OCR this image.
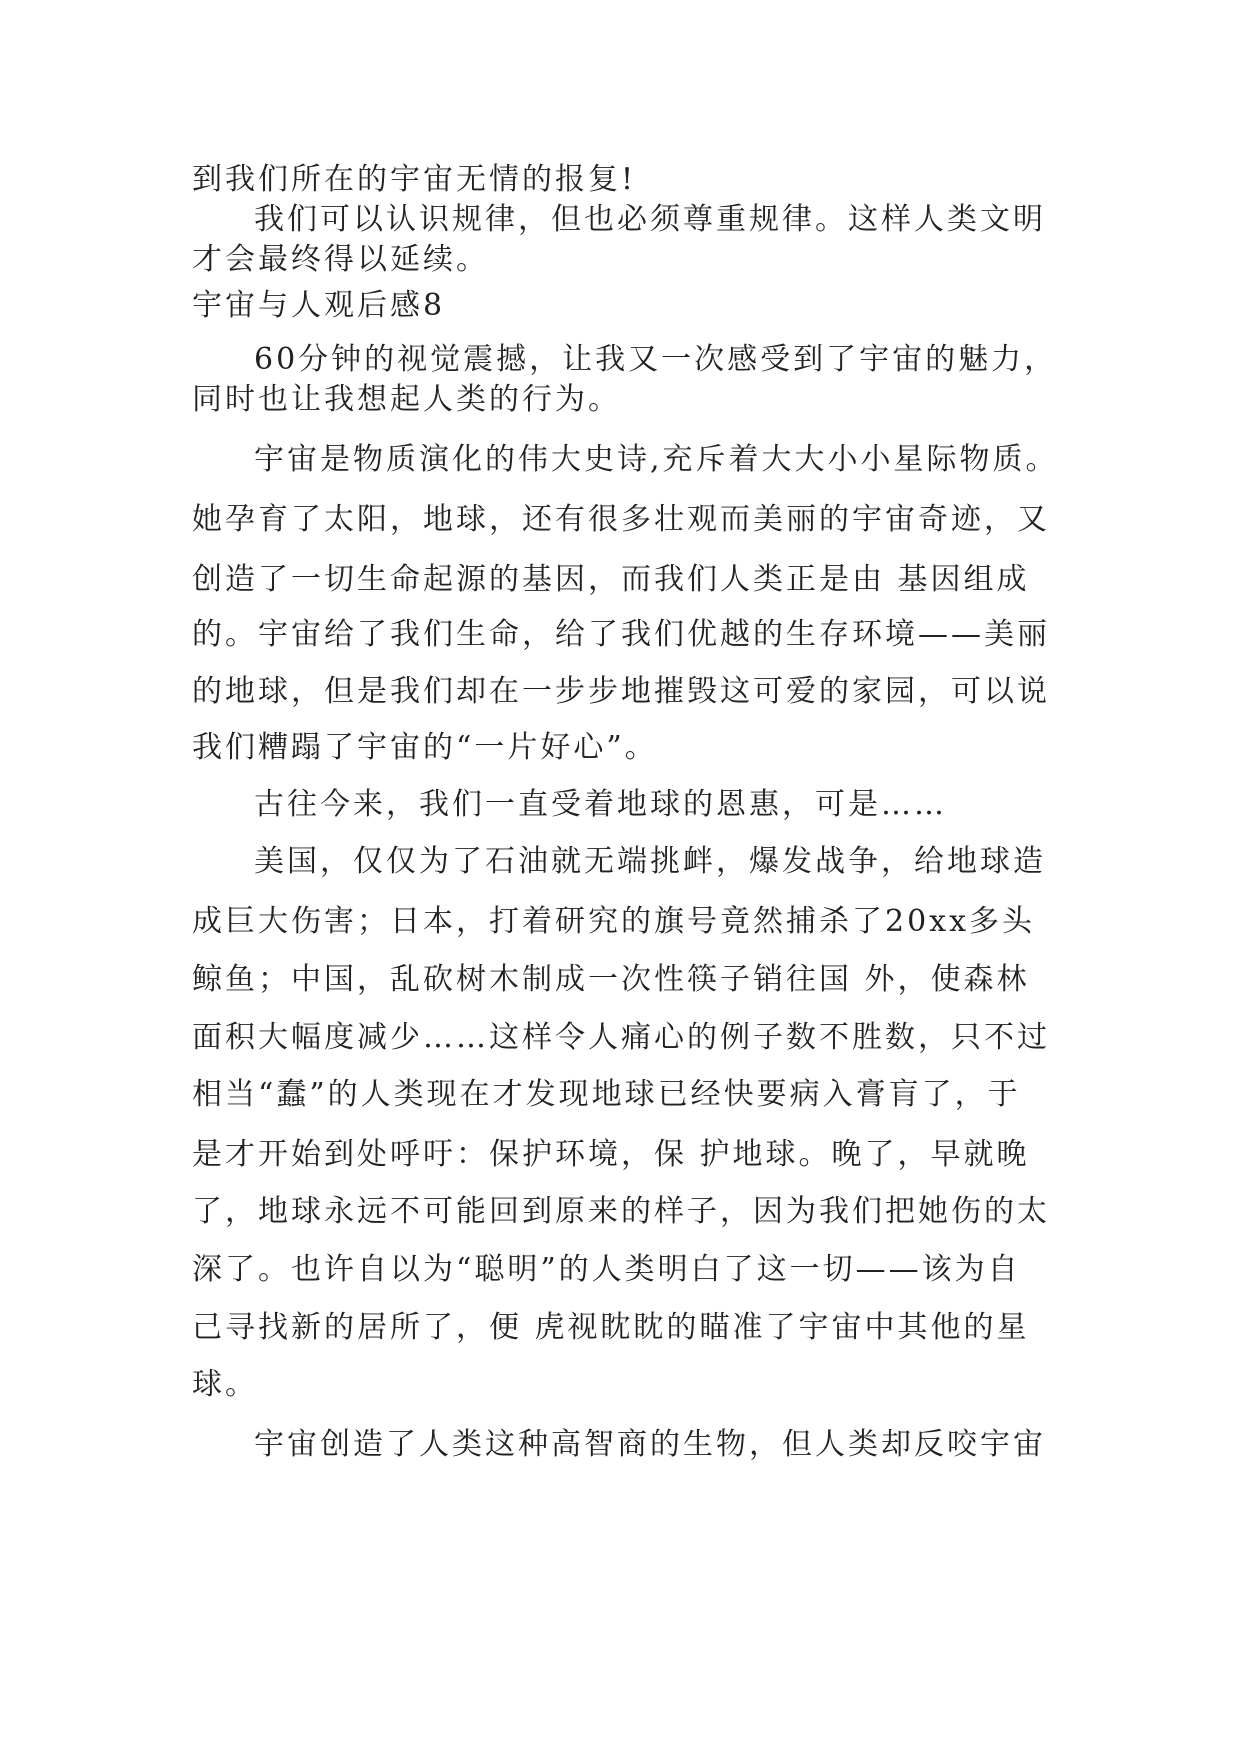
到我们所在的宇宙无情的报复!
我们可以认识规律，但也必须尊重规律。这样人类文明
才会最终得以延续。
宇宙与人观后感8
60分钟的视觉震撼，让我又一次感受到了宇宙的魅力，
同时也让我想起人类的行为。
宇宙是物质演化的伟大史诗,充斥着大大小小星际物质。
她孕育了太阳，地球，还有很多壮观而美丽的宇宙奇迹，又
创造了一切生命起源的基因，而我们人类正是由 基因组成
的。宇宙给了我们生命，给了我们优越的生存环境——美丽
的地球，但是我们却在一步步地摧毁这可爱的家园，可以说
我们糟蹋了宇宙的“一片好心”。
古往今来，我们一直受着地球的恩惠，可是……
美国，仅仅为了石油就无端挑衅，爆发战争，给地球造
成巨大伤害；日本，打着研究的旗号竟然捕杀了20xx多头
鲸鱼；中国，乱砍树木制成一次性筷子销往国 外，使森林
面积大幅度减少……这样令人痛心的例子数不胜数，只不过
相当“蠢”的人类现在才发现地球已经快要病入膏肓了，于
是才开始到处呼吁：保护环境，保 护地球。晚了，早就晚
了，地球永远不可能回到原来的样子，因为我们把她伤的太
深了。也许自以为“聪明”的人类明白了这一切——该为自
己寻找新的居所了，便 虎视眈眈的瞄准了宇宙中其他的星
球。
宇宙创造了人类这种高智商的生物，但人类却反咬宇宙
